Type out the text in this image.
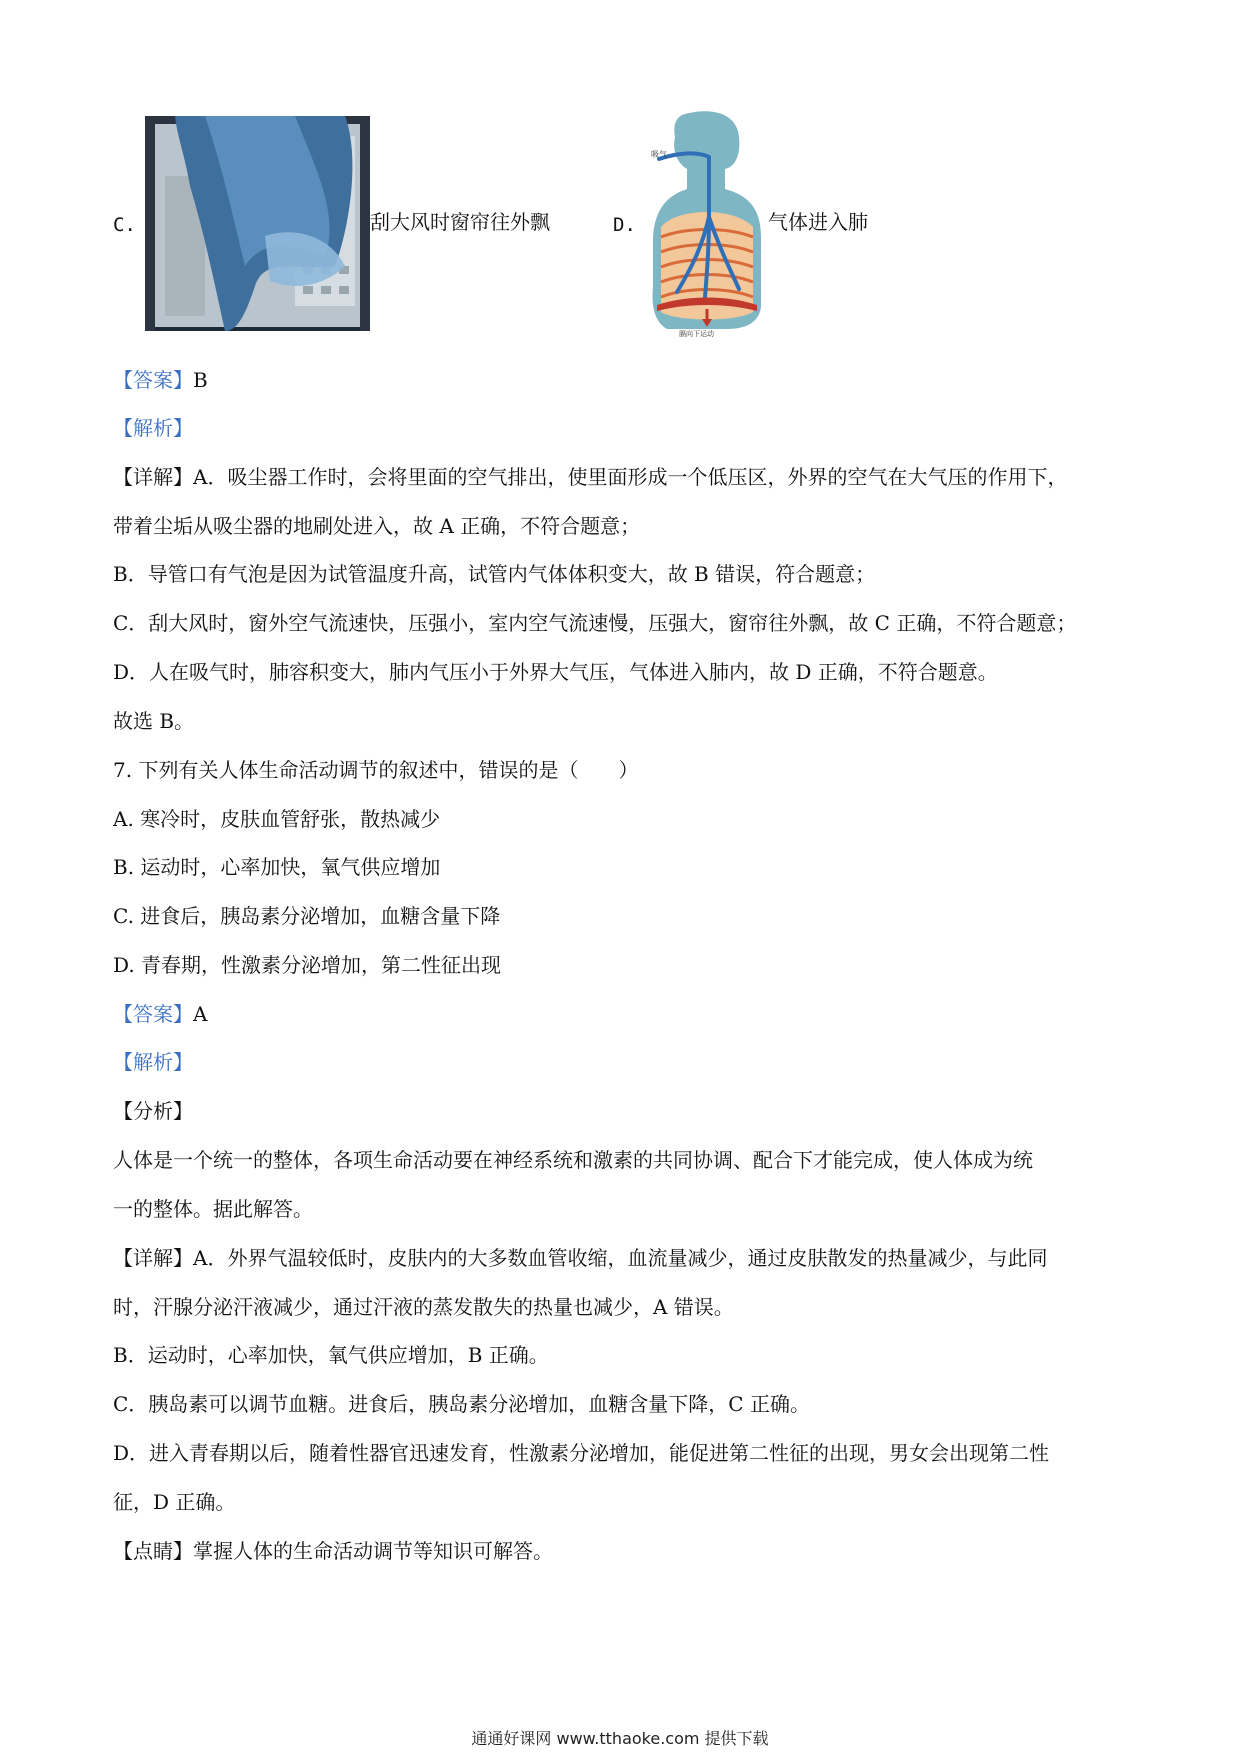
C.	刮大风时窗帘往外飘	D.
吸气
膈向下运动
气体进入肺
【答案】B
【解析】
【详解】A．吸尘器工作时，会将里面的空气排出，使里面形成一个低压区，外界的空气在大气压的作用下，
带着尘垢从吸尘器的地刷处进入，故 A 正确，不符合题意；
B．导管口有气泡是因为试管温度升高，试管内气体体积变大，故 B 错误，符合题意；
C．刮大风时，窗外空气流速快，压强小，室内空气流速慢，压强大，窗帘往外飘，故 C 正确，不符合题意；
D．人在吸气时，肺容积变大，肺内气压小于外界大气压，气体进入肺内，故 D 正确，不符合题意。
故选 B。
7. 下列有关人体生命活动调节的叙述中，错误的是（　　）
A. 寒冷时，皮肤血管舒张，散热减少
B. 运动时，心率加快，氧气供应增加
C. 进食后，胰岛素分泌增加，血糖含量下降
D. 青春期，性激素分泌增加，第二性征出现
【答案】A
【解析】
【分析】
人体是一个统一的整体，各项生命活动要在神经系统和激素的共同协调、配合下才能完成，使人体成为统
一的整体。据此解答。
【详解】A．外界气温较低时，皮肤内的大多数血管收缩，血流量减少，通过皮肤散发的热量减少，与此同
时，汗腺分泌汗液减少，通过汗液的蒸发散失的热量也减少，A 错误。
B．运动时，心率加快，氧气供应增加，B 正确。
C．胰岛素可以调节血糖。进食后，胰岛素分泌增加，血糖含量下降，C 正确。
D．进入青春期以后，随着性器官迅速发育，性激素分泌增加，能促进第二性征的出现，男女会出现第二性
征，D 正确。
【点睛】掌握人体的生命活动调节等知识可解答。
通通好课网 www.tthaoke.com 提供下载
